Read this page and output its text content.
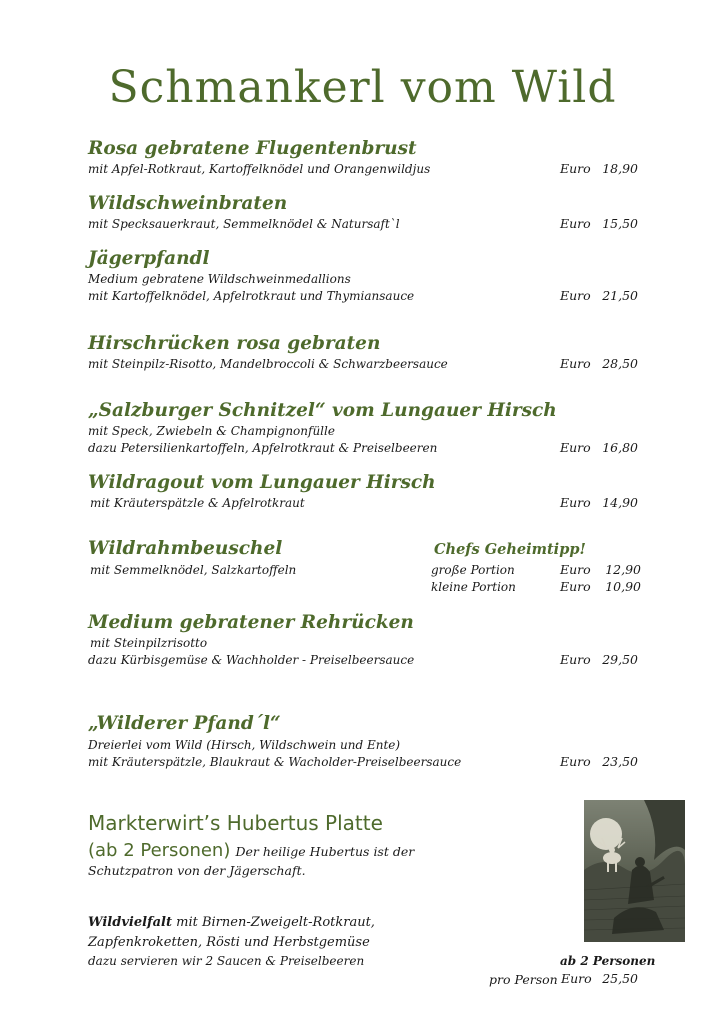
Schmankerl vom Wild
Rosa gebratene Flugentenbrust
mit Apfel-Rotkraut, Kartoffelknödel und Orangenwildjus	Euro 18,90
Wildschweinbraten
mit Specksauerkraut, Semmelknödel & Natursaft`l	Euro 15,50
Jägerpfandl
Medium gebratene Wildschweinmedallions
mit Kartoffelknödel, Apfelrotkraut und Thymiansauce	Euro 21,50
Hirschrücken rosa gebraten
mit Steinpilz-Risotto, Mandelbroccoli & Schwarzbeersauce	Euro 28,50
„Salzburger Schnitzel“ vom Lungauer Hirsch
mit Speck, Zwiebeln & Champignonfülle
dazu Petersilienkartoffeln, Apfelrotkraut & Preiselbeeren	Euro 16,80
Wildragout vom Lungauer Hirsch
mit Kräuterspätzle & Apfelrotkraut	Euro 14,90
Wildrahmbeuschel	Chefs Geheimtipp!
mit Semmelknödel, Salzkartoffeln	große Portion	Euro	12,90
kleine Portion	Euro	10,90
Medium gebratener Rehrücken
mit Steinpilzrisotto
dazu Kürbisgemüse & Wachholder - Preiselbeersauce	Euro 29,50
„Wilderer Pfand´l“
Dreierlei vom Wild (Hirsch, Wildschwein und Ente)
mit Kräuterspätzle, Blaukraut & Wacholder-Preiselbeersauce	Euro 23,50
Markterwirt’s Hubertus Platte
(ab 2 Personen) Der heilige Hubertus ist der
Schutzpatron von der Jägerschaft.
Wildvielfalt mit Birnen-Zweigelt-Rotkraut,
Zapfenkroketten, Rösti und Herbstgemüse
dazu servieren wir 2 Saucen & Preiselbeeren	ab 2 Personen
pro Person Euro 25,50
